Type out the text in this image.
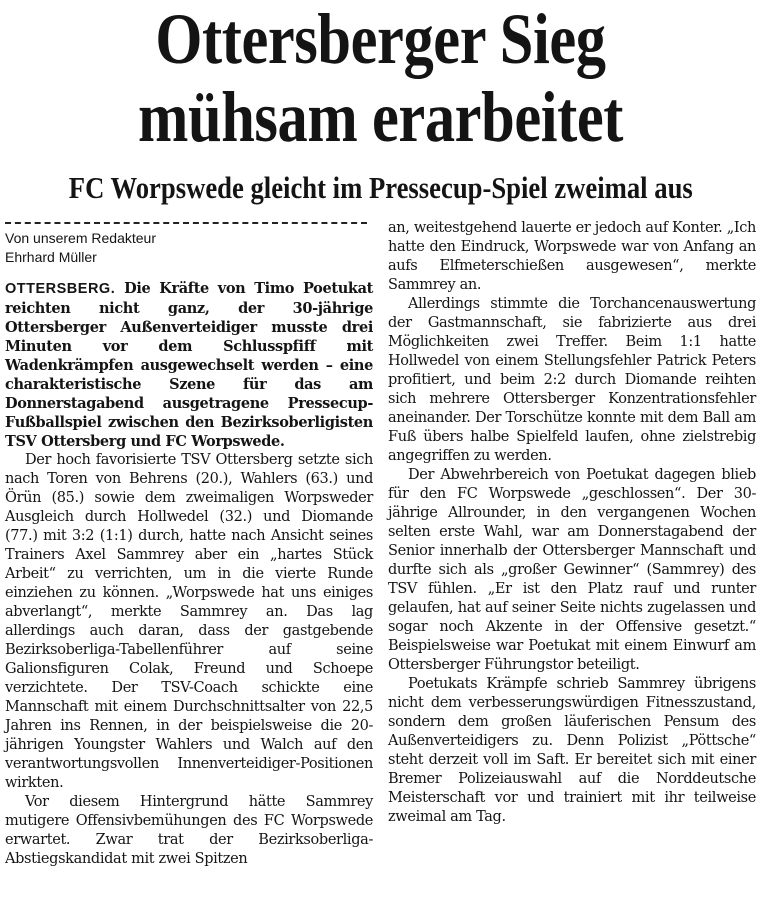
Ottersberger Sieg
mühsam erarbeitet
FC Worpswede gleicht im Pressecup-Spiel zweimal aus

Von unserem Redakteur

Ehrhard Müller

OTTERSBERG. Die Kräfte von Timo Poetukat reichten nicht ganz, der 30-jährige Ottersberger Außenverteidiger musste drei Minuten vor dem Schlusspfiff mit Wadenkrämpfen ausgewechselt werden – eine charakteristische Szene für das am Donnerstagabend ausgetragene Pressecup-Fußballspiel zwischen den Bezirksoberligisten TSV Ottersberg und FC Worpswede.

Der hoch favorisierte TSV Ottersberg setzte sich nach Toren von Behrens (20.), Wahlers (63.) und Örün (85.) sowie dem zweimaligen Worpsweder Ausgleich durch Hollwedel (32.) und Diomande (77.) mit 3:2 (1:1) durch, hatte nach Ansicht seines Trainers Axel Sammrey aber ein „hartes Stück Arbeit“ zu verrichten, um in die vierte Runde einziehen zu können. „Worpswede hat uns einiges abverlangt“, merkte Sammrey an. Das lag allerdings auch daran, dass der gastgebende Bezirksoberliga-Tabellenführer auf seine Galionsfiguren Colak, Freund und Schoepe verzichtete. Der TSV-Coach schickte eine Mannschaft mit einem Durchschnittsalter von 22,5 Jahren ins Rennen, in der beispielsweise die 20-jährigen Youngster Wahlers und Walch auf den verantwortungsvollen Innenverteidiger-Positionen wirkten.

Vor diesem Hintergrund hätte Sammrey mutigere Offensivbemühungen des FC Worpswede erwartet. Zwar trat der Bezirksoberliga-Abstiegskandidat mit zwei Spitzen

an, weitestgehend lauerte er jedoch auf Konter. „Ich hatte den Eindruck, Worpswede war von Anfang an aufs Elfmeterschießen ausgewesen“, merkte Sammrey an.

Allerdings stimmte die Torchancenauswertung der Gastmannschaft, sie fabrizierte aus drei Möglichkeiten zwei Treffer. Beim 1:1 hatte Hollwedel von einem Stellungsfehler Patrick Peters profitiert, und beim 2:2 durch Diomande reihten sich mehrere Ottersberger Konzentrationsfehler aneinander. Der Torschütze konnte mit dem Ball am Fuß übers halbe Spielfeld laufen, ohne zielstrebig angegriffen zu werden.

Der Abwehrbereich von Poetukat dagegen blieb für den FC Worpswede „geschlossen“. Der 30-jährige Allrounder, in den vergangenen Wochen selten erste Wahl, war am Donnerstagabend der Senior innerhalb der Ottersberger Mannschaft und durfte sich als „großer Gewinner“ (Sammrey) des TSV fühlen. „Er ist den Platz rauf und runter gelaufen, hat auf seiner Seite nichts zugelassen und sogar noch Akzente in der Offensive gesetzt.“ Beispielsweise war Poetukat mit einem Einwurf am Ottersberger Führungstor beteiligt.

Poetukats Krämpfe schrieb Sammrey übrigens nicht dem verbesserungswürdigen Fitnesszustand, sondern dem großen läuferischen Pensum des Außenverteidigers zu. Denn Polizist „Pöttsche“ steht derzeit voll im Saft. Er bereitet sich mit einer Bremer Polizeiauswahl auf die Norddeutsche Meisterschaft vor und trainiert mit ihr teilweise zweimal am Tag.
